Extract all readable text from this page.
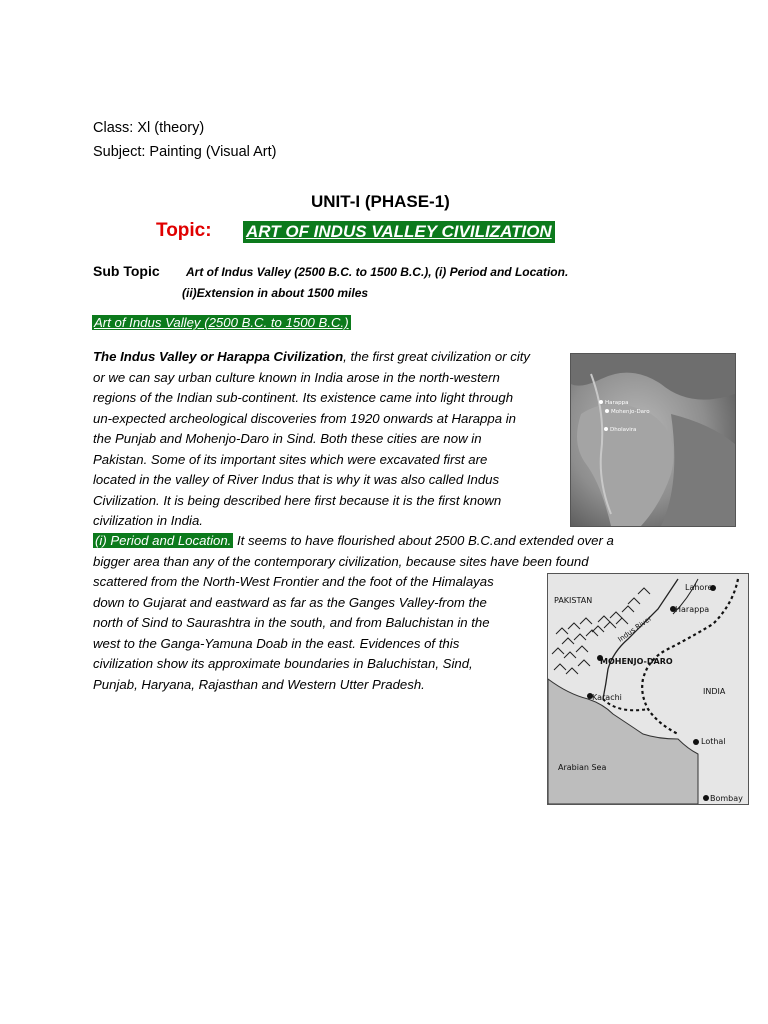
Class: Xl (theory)
Subject: Painting (Visual Art)
UNIT-I (PHASE-1)
Topic: ART OF INDUS VALLEY CIVILIZATION
Sub Topic Art of Indus Valley (2500 B.C. to 1500 B.C.), (i) Period and Location.
(ii)Extension in about 1500 miles
Art of Indus Valley (2500 B.C. to 1500 B.C.)
The Indus Valley or Harappa Civilization, the first great civilization or city
or we can say urban culture known in India arose in the north-western
regions of the Indian sub-continent. Its existence came into light through
un-expected archeological discoveries from 1920 onwards at Harappa in
the Punjab and Mohenjo-Daro in Sind. Both these cities are now in
Pakistan. Some of its important sites which were excavated first are
located in the valley of River Indus that is why it was also called Indus
Civilization. It is being described here first because it is the first known
civilization in India.
(i) Period and Location. It seems to have flourished about 2500 B.C.and extended over a
bigger area than any of the contemporary civilization, because sites have been found
scattered from the North-West Frontier and the foot of the Himalayas
down to Gujarat and eastward as far as the Ganges Valley-from the
north of Sind to Saurashtra in the south, and from Baluchistan in the
west to the Ganga-Yamuna Doab in the east. Evidences of this
civilization show its approximate boundaries in Baluchistan, Sind,
Punjab, Haryana, Rajasthan and Western Utter Pradesh.
Harappa
Mohenjo-Daro
Dholavira
PAKISTAN
Lahore
Harappa
Indus River
MOHENJO-DARO
INDIA
Karachi
Lothal
Arabian Sea
Bombay
